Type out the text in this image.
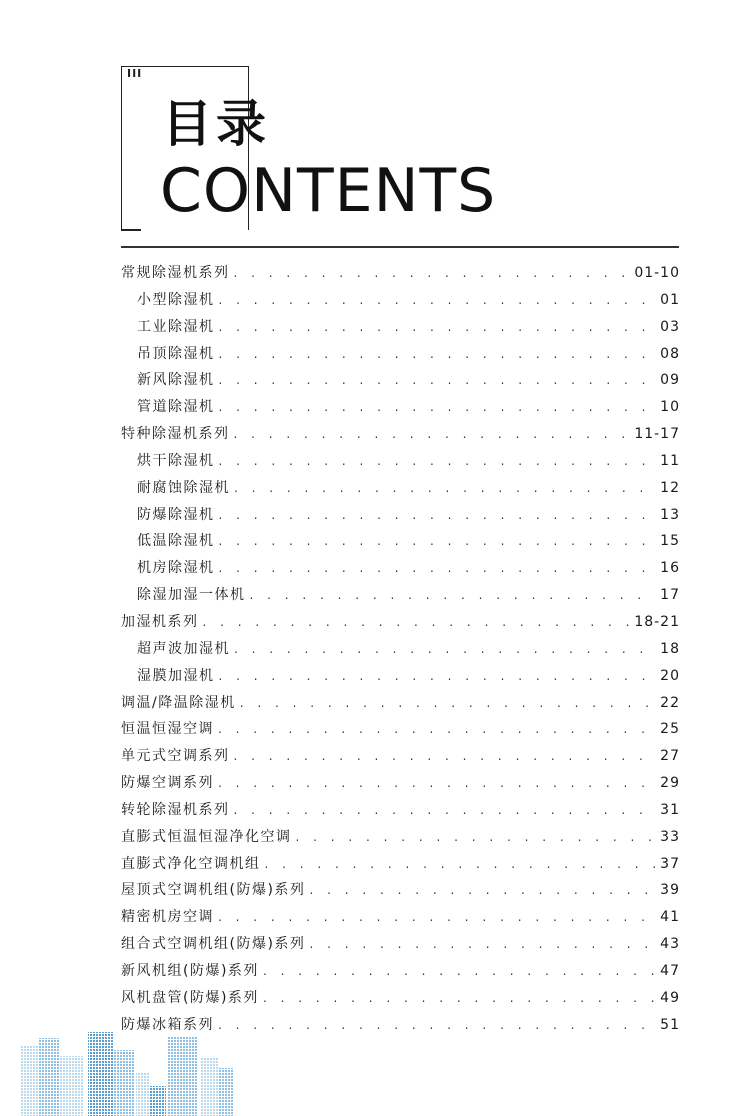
III
目录
CONTENTS
常规除湿机系列 . . .	01-10
小型除湿机 . . .	01
工业除湿机 . . .	03
吊顶除湿机 . . .	08
新风除湿机 . . .	09
管道除湿机 . . .	10
特种除湿机系列 . . .	11-17
烘干除湿机 . . .	11
耐腐蚀除湿机 . . .	12
防爆除湿机 . . .	13
低温除湿机 . . .	15
机房除湿机 . . .	16
除湿加湿一体机 . . .	17
加湿机系列 . . .	18-21
超声波加湿机 . . .	18
湿膜加湿机 . . .	20
调温/降温除湿机 . . .	22
恒温恒湿空调 . . .	25
单元式空调系列 . . .	27
防爆空调系列 . . .	29
转轮除湿机系列 . . .	31
直膨式恒温恒湿净化空调 . . .	33
直膨式净化空调机组 . . .	37
屋顶式空调机组(防爆)系列 . . .	39
精密机房空调 . . .	41
组合式空调机组(防爆)系列 . . .	43
新风机组(防爆)系列 . . .	47
风机盘管(防爆)系列 . . .	49
防爆冰箱系列 . . .	51
